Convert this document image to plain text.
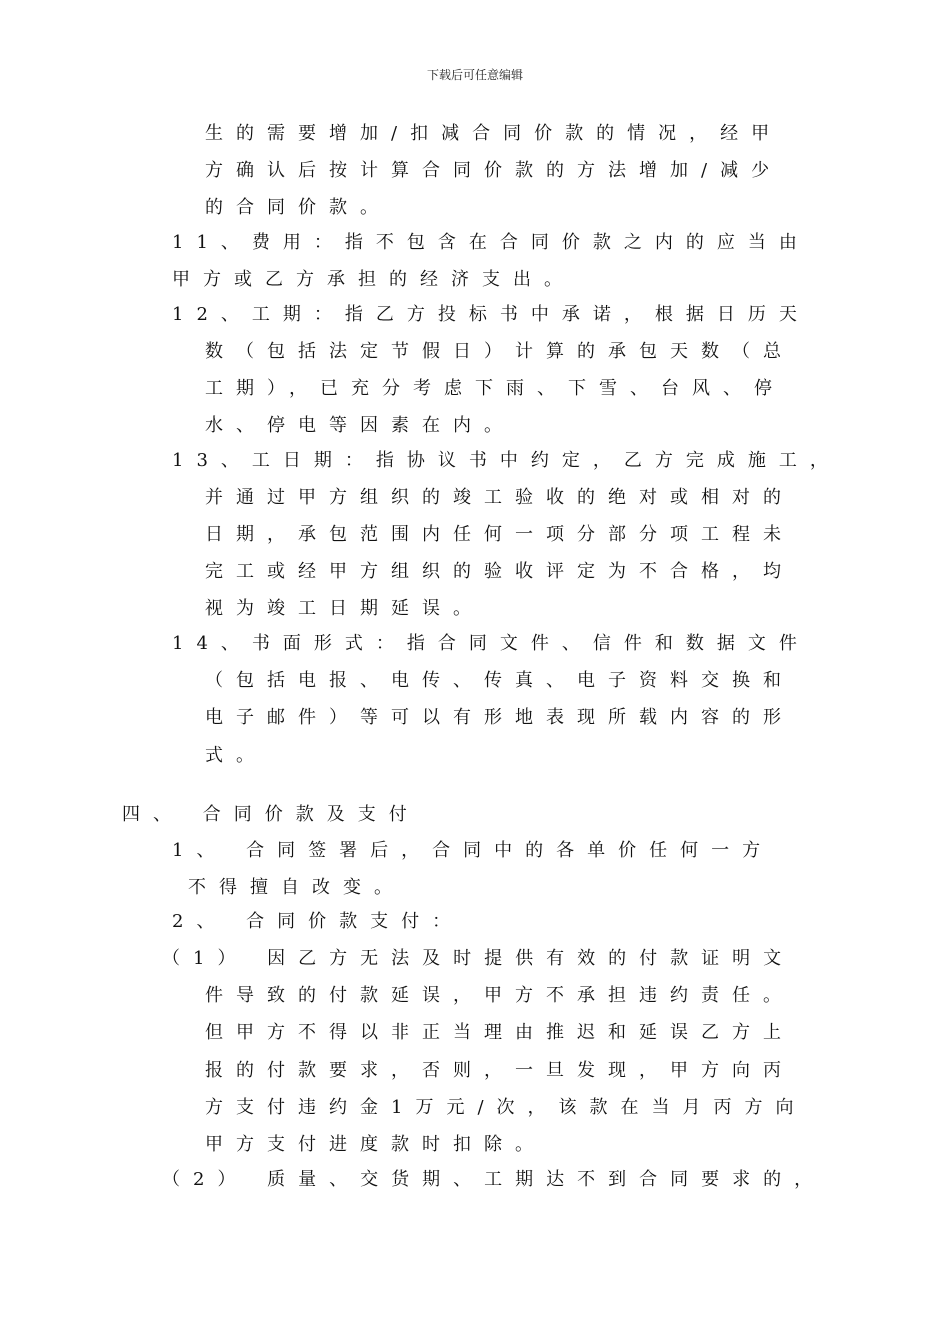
下载后可任意编辑
生的需要增加/扣减合同价款的情况，经甲
方确认后按计算合同价款的方法增加/减少
的合同价款。
11、费用：指不包含在合同价款之内的应当由
甲方或乙方承担的经济支出。
12、工期：指乙方投标书中承诺，根据日历天
数（包括法定节假日）计算的承包天数（总
工期），已充分考虑下雨、下雪、台风、停
水、停电等因素在内。
13、工日期：指协议书中约定，乙方完成施工，
并通过甲方组织的竣工验收的绝对或相对的
日期，承包范围内任何一项分部分项工程未
完工或经甲方组织的验收评定为不合格，均
视为竣工日期延误。
14、书面形式：指合同文件、信件和数据文件
（包括电报、电传、传真、电子资料交换和
电子邮件）等可以有形地表现所载内容的形
式。
四、 合同价款及支付
1、 合同签署后，合同中的各单价任何一方
不得擅自改变。
2、 合同价款支付：
（1） 因乙方无法及时提供有效的付款证明文
件导致的付款延误，甲方不承担违约责任。
但甲方不得以非正当理由推迟和延误乙方上
报的付款要求，否则，一旦发现，甲方向丙
方支付违约金1万元/次，该款在当月丙方向
甲方支付进度款时扣除。
（2） 质量、交货期、工期达不到合同要求的，
